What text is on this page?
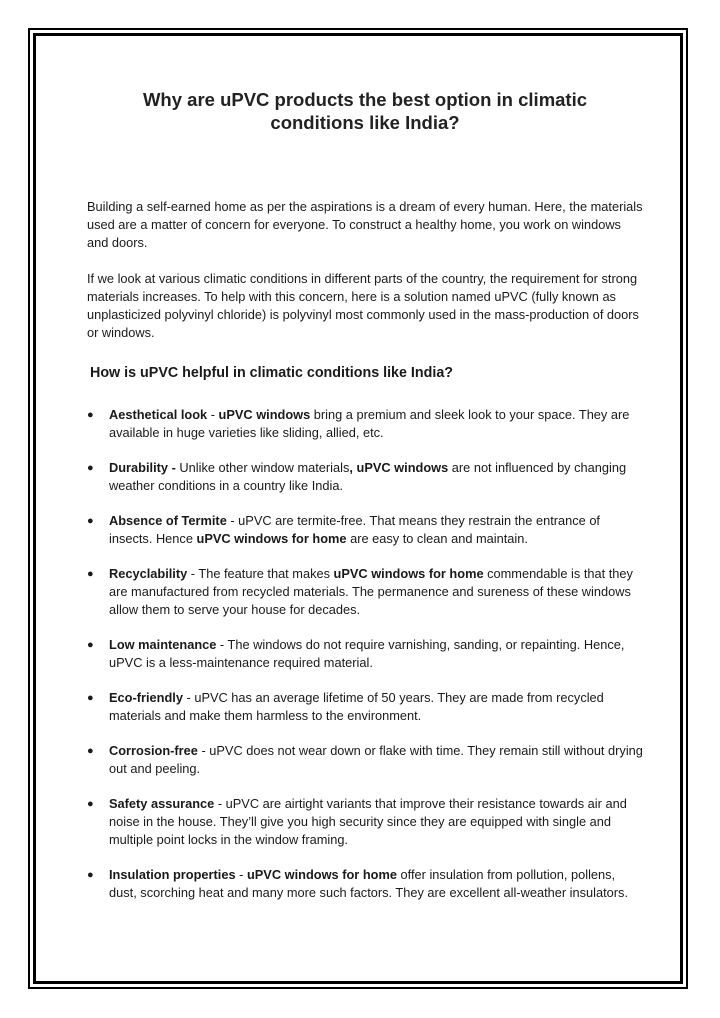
Why are uPVC products the best option in climatic conditions like India?

Building a self-earned home as per the aspirations is a dream of every human. Here, the materials used are a matter of concern for everyone. To construct a healthy home, you work on windows and doors.

If we look at various climatic conditions in different parts of the country, the requirement for strong materials increases. To help with this concern, here is a solution named uPVC (fully known as unplasticized polyvinyl chloride) is polyvinyl most commonly used in the mass-production of doors or windows.

How is uPVC helpful in climatic conditions like India?
● Aesthetical look - uPVC windows bring a premium and sleek look to your space. They are available in huge varieties like sliding, allied, etc.
● Durability - Unlike other window materials, uPVC windows are not influenced by changing weather conditions in a country like India.
● Absence of Termite - uPVC are termite-free. That means they restrain the entrance of insects. Hence uPVC windows for home are easy to clean and maintain.
● Recyclability - The feature that makes uPVC windows for home commendable is that they are manufactured from recycled materials. The permanence and sureness of these windows allow them to serve your house for decades.
● Low maintenance - The windows do not require varnishing, sanding, or repainting. Hence, uPVC is a less-maintenance required material.
● Eco-friendly - uPVC has an average lifetime of 50 years. They are made from recycled materials and make them harmless to the environment.
● Corrosion-free - uPVC does not wear down or flake with time. They remain still without drying out and peeling.
● Safety assurance - uPVC are airtight variants that improve their resistance towards air and noise in the house. They’ll give you high security since they are equipped with single and multiple point locks in the window framing.
● Insulation properties - uPVC windows for home offer insulation from pollution, pollens, dust, scorching heat and many more such factors. They are excellent all-weather insulators.
